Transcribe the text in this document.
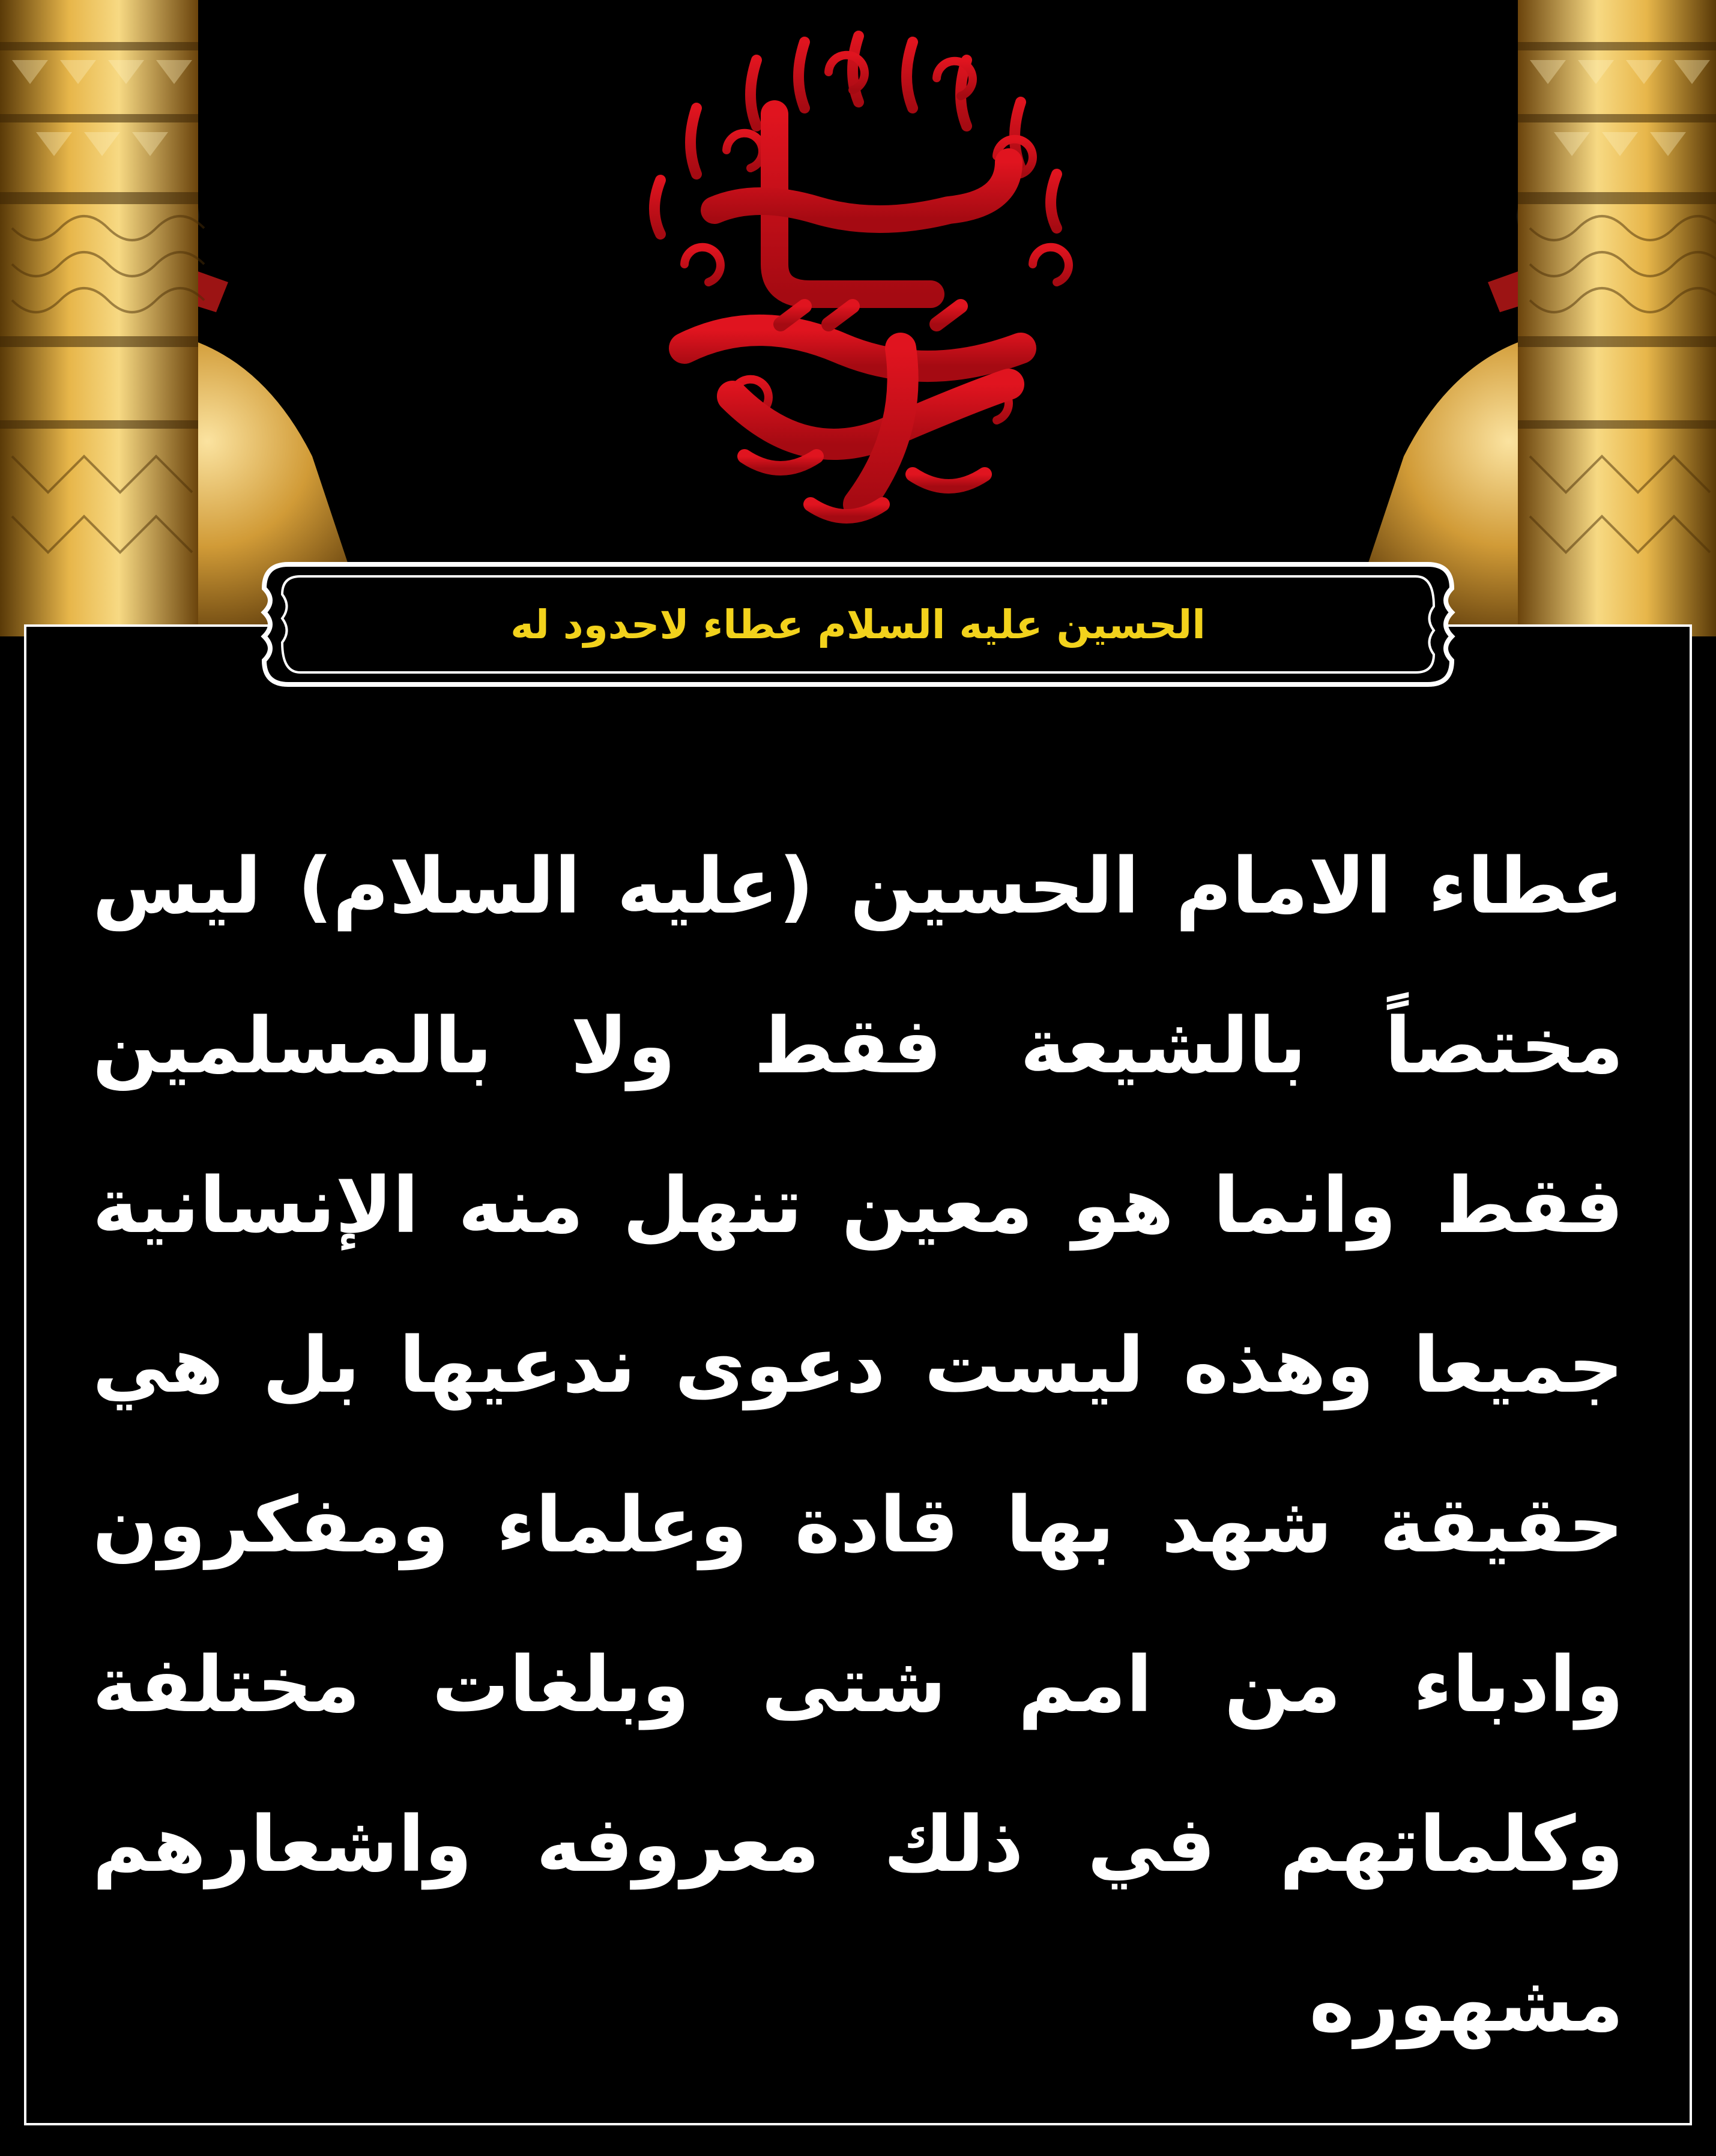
الحسين عليه السلام عطاء لاحدود له

عطاء الامام الحسين (عليه السلام) ليس مختصاً بالشيعة فقط ولا بالمسلمين فقط وانما هو معين تنهل منه الإنسانية جميعا وهذه ليست دعوى ندعيها بل هي حقيقة شهد بها قادة وعلماء ومفكرون وادباء من امم شتى وبلغات مختلفة وكلماتهم في ذلك معروفه واشعارهم مشهوره
